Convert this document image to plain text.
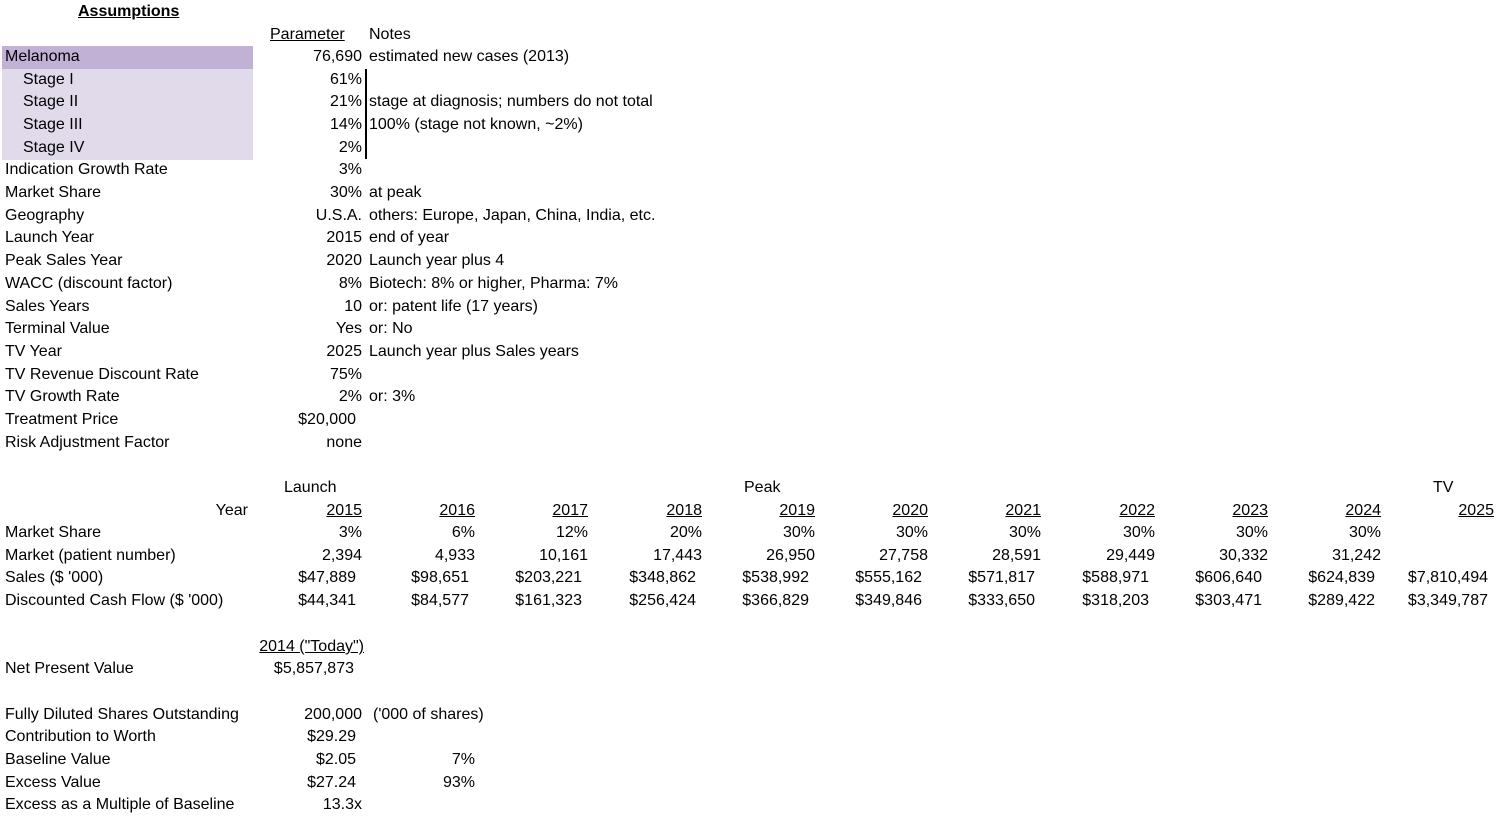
Assumptions
Parameter Notes
Melanoma	76,690 estimated new cases (2013)
Stage I	61%
Stage II	21% stage at diagnosis; numbers do not total
Stage III	14% 100% (stage not known, ~2%)
Stage IV	2%
Indication Growth Rate	3%
Market Share	30% at peak
Geography	U.S.A. others: Europe, Japan, China, India, etc.
Launch Year	2015 end of year
Peak Sales Year	2020 Launch year plus 4
WACC (discount factor)	8% Biotech: 8% or higher, Pharma: 7%
Sales Years	10 or: patent life (17 years)
Terminal Value	Yes or: No
TV Year	2025 Launch year plus Sales years
TV Revenue Discount Rate	75%
TV Growth Rate	2% or: 3%
Treatment Price	$20,000
Risk Adjustment Factor	none
Launch	Peak	TV
Year	2015	2016	2017	2018	2019	2020	2021	2022	2023	2024	2025
Market Share	3%	6%	12%	20%	30%	30%	30%	30%	30%	30%
Market (patient number)	2,394	4,933	10,161	17,443	26,950	27,758	28,591	29,449	30,332	31,242
Sales ($ '000)	$47,889	$98,651	$203,221	$348,862	$538,992	$555,162	$571,817	$588,971	$606,640	$624,839	$7,810,494
Discounted Cash Flow ($ '000)	$44,341	$84,577	$161,323	$256,424	$366,829	$349,846	$333,650	$318,203	$303,471	$289,422	$3,349,787
2014 ("Today")
Net Present Value	$5,857,873
Fully Diluted Shares Outstanding	200,000 ('000 of shares)
Contribution to Worth	$29.29
Baseline Value	$2.05	7%
Excess Value	$27.24	93%
Excess as a Multiple of Baseline	13.3x
